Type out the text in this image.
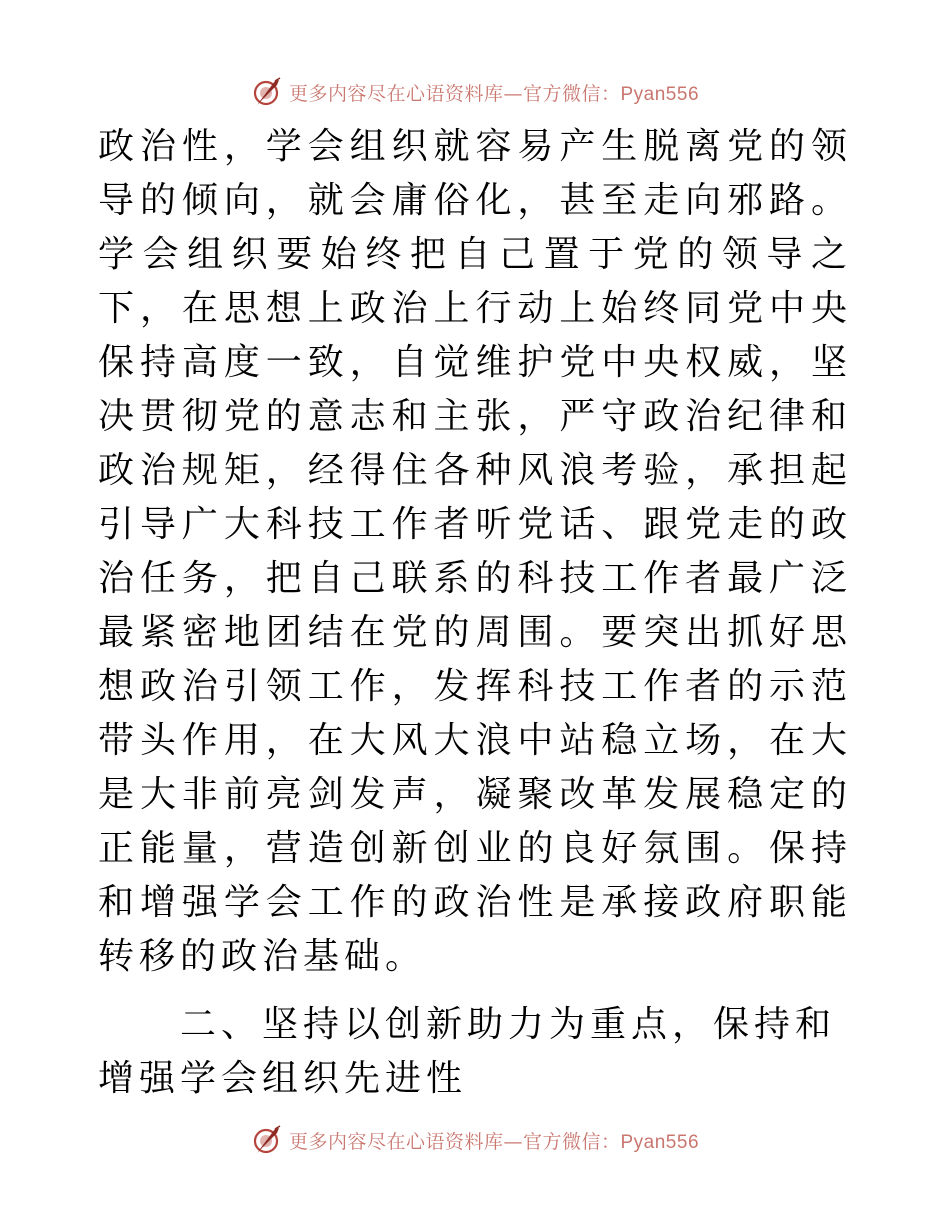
更多内容尽在心语资料库—官方微信：Pyan556

政治性，学会组织就容易产生脱离党的领导的倾向，就会庸俗化，甚至走向邪路。学会组织要始终把自己置于党的领导之下，在思想上政治上行动上始终同党中央保持高度一致，自觉维护党中央权威，坚决贯彻党的意志和主张，严守政治纪律和政治规矩，经得住各种风浪考验，承担起引导广大科技工作者听党话、跟党走的政治任务，把自己联系的科技工作者最广泛最紧密地团结在党的周围。要突出抓好思想政治引领工作，发挥科技工作者的示范带头作用，在大风大浪中站稳立场，在大是大非前亮剑发声，凝聚改革发展稳定的正能量，营造创新创业的良好氛围。保持和增强学会工作的政治性是承接政府职能转移的政治基础。

二、坚持以创新助力为重点，保持和增强学会组织先进性

更多内容尽在心语资料库—官方微信：Pyan556
